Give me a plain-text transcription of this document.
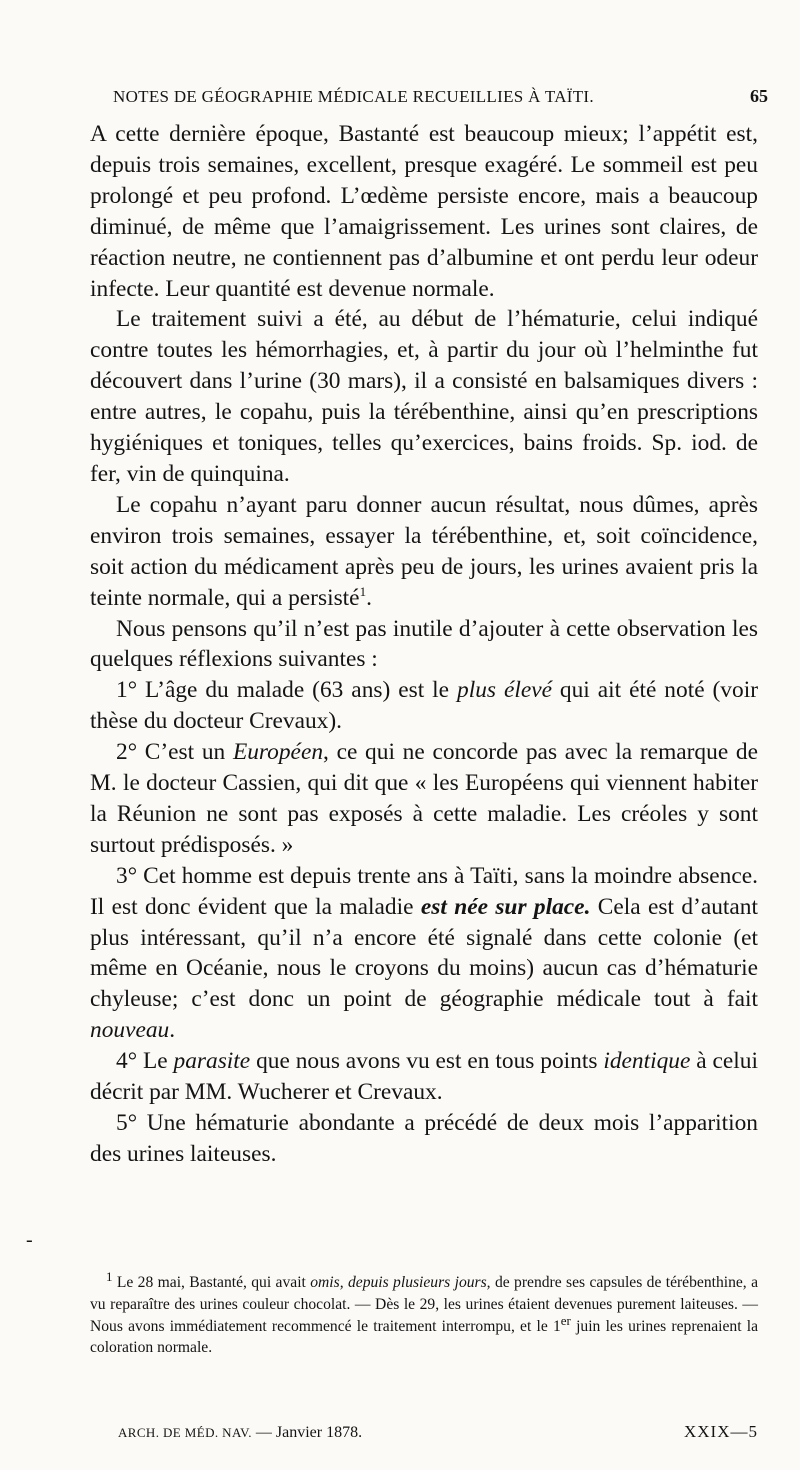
NOTES DE GÉOGRAPHIE MÉDICALE RECUEILLIES À TAÏTI.	65

A cette dernière époque, Bastanté est beaucoup mieux; l’appétit est, depuis trois semaines, excellent, presque exagéré. Le sommeil est peu prolongé et peu profond. L’œdème persiste encore, mais a beaucoup diminué, de même que l’amaigrissement. Les urines sont claires, de réaction neutre, ne contiennent pas d’albumine et ont perdu leur odeur infecte. Leur quantité est devenue normale.

Le traitement suivi a été, au début de l’hématurie, celui indiqué contre toutes les hémorrhagies, et, à partir du jour où l’helminthe fut découvert dans l’urine (30 mars), il a consisté en balsamiques divers : entre autres, le copahu, puis la térébenthine, ainsi qu’en prescriptions hygiéniques et toniques, telles qu’exercices, bains froids. Sp. iod. de fer, vin de quinquina.

Le copahu n’ayant paru donner aucun résultat, nous dûmes, après environ trois semaines, essayer la térébenthine, et, soit coïncidence, soit action du médicament après peu de jours, les urines avaient pris la teinte normale, qui a persisté$^1$.

Nous pensons qu’il n’est pas inutile d’ajouter à cette observation les quelques réflexions suivantes :

1° L’âge du malade (63 ans) est le plus élevé qui ait été noté (voir thèse du docteur Crevaux).

2° C’est un Européen, ce qui ne concorde pas avec la remarque de M. le docteur Cassien, qui dit que « les Européens qui viennent habiter la Réunion ne sont pas exposés à cette maladie. Les créoles y sont surtout prédisposés. »

3° Cet homme est depuis trente ans à Taïti, sans la moindre absence. Il est donc évident que la maladie est née sur place. Cela est d’autant plus intéressant, qu’il n’a encore été signalé dans cette colonie (et même en Océanie, nous le croyons du moins) aucun cas d’hématurie chyleuse; c’est donc un point de géographie médicale tout à fait nouveau.

4° Le parasite que nous avons vu est en tous points identique à celui décrit par MM. Wucherer et Crevaux.

5° Une hématurie abondante a précédé de deux mois l’apparition des urines laiteuses.

-

$^1$ Le 28 mai, Bastanté, qui avait omis, depuis plusieurs jours, de prendre ses capsules de térébenthine, a vu reparaître des urines couleur chocolat. — Dès le 29, les urines étaient devenues purement laiteuses. — Nous avons immédiatement recommencé le traitement interrompu, et le 1er juin les urines reprenaient la coloration normale.

ARCH. DE MÉD. NAV. — Janvier 1878.	XXIX—5
